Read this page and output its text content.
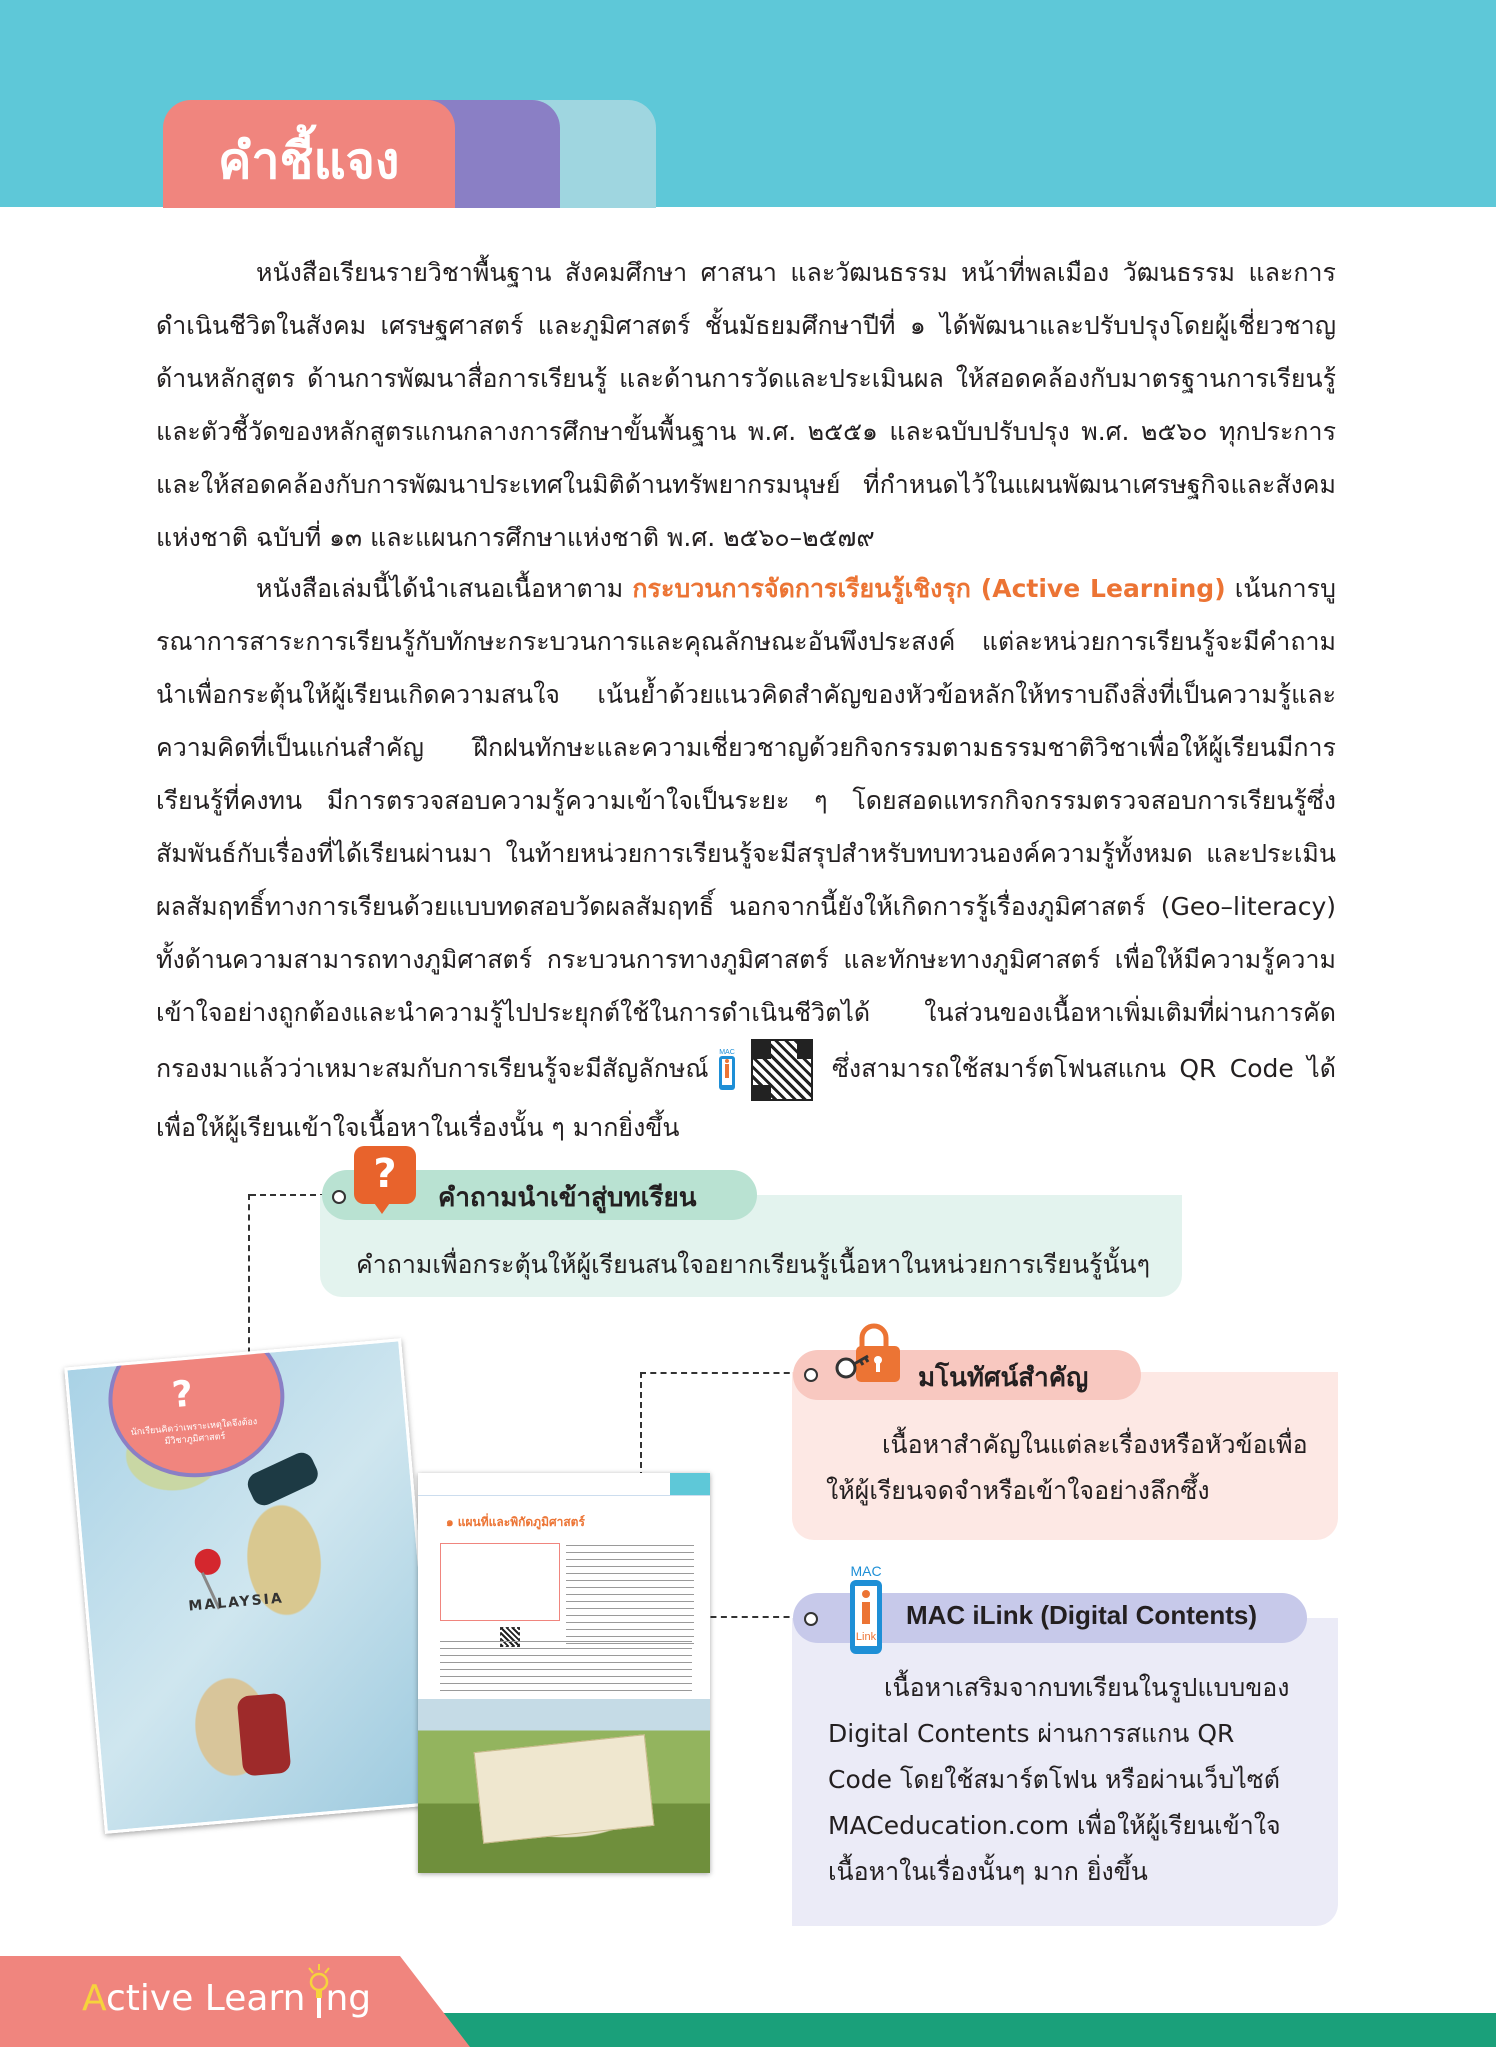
คำชี้แจง

หนังสือเรียนรายวิชาพื้นฐาน สังคมศึกษา ศาสนา และวัฒนธรรม หน้าที่พลเมือง วัฒนธรรม และการดำเนินชีวิตในสังคม เศรษฐศาสตร์ และภูมิศาสตร์ ชั้นมัธยมศึกษาปีที่ ๑ ได้พัฒนาและปรับปรุงโดยผู้เชี่ยวชาญด้านหลักสูตร ด้านการพัฒนาสื่อการเรียนรู้ และด้านการวัดและประเมินผล ให้สอดคล้องกับมาตรฐานการเรียนรู้และตัวชี้วัดของหลักสูตรแกนกลางการศึกษาขั้นพื้นฐาน พ.ศ. ๒๕๕๑ และฉบับปรับปรุง พ.ศ. ๒๕๖๐ ทุกประการ และให้สอดคล้องกับการพัฒนาประเทศในมิติด้านทรัพยากรมนุษย์ ที่กำหนดไว้ในแผนพัฒนาเศรษฐกิจและสังคมแห่งชาติ ฉบับที่ ๑๓ และแผนการศึกษาแห่งชาติ พ.ศ. ๒๕๖๐–๒๕๗๙

หนังสือเล่มนี้ได้นำเสนอเนื้อหาตาม กระบวนการจัดการเรียนรู้เชิงรุก (Active Learning) เน้นการบูรณาการสาระการเรียนรู้กับทักษะกระบวนการและคุณลักษณะอันพึงประสงค์ แต่ละหน่วยการเรียนรู้จะมีคำถามนำเพื่อกระตุ้นให้ผู้เรียนเกิดความสนใจ เน้นย้ำด้วยแนวคิดสำคัญของหัวข้อหลักให้ทราบถึงสิ่งที่เป็นความรู้และความคิดที่เป็นแก่นสำคัญ ฝึกฝนทักษะและความเชี่ยวชาญด้วยกิจกรรมตามธรรมชาติวิชาเพื่อให้ผู้เรียนมีการเรียนรู้ที่คงทน มีการตรวจสอบความรู้ความเข้าใจเป็นระยะ ๆ โดยสอดแทรกกิจกรรมตรวจสอบการเรียนรู้ซึ่งสัมพันธ์กับเรื่องที่ได้เรียนผ่านมา ในท้ายหน่วยการเรียนรู้จะมีสรุปสำหรับทบทวนองค์ความรู้ทั้งหมด และประเมินผลสัมฤทธิ์ทางการเรียนด้วยแบบทดสอบวัดผลสัมฤทธิ์ นอกจากนี้ยังให้เกิดการรู้เรื่องภูมิศาสตร์ (Geo–literacy) ทั้งด้านความสามารถทางภูมิศาสตร์ กระบวนการทางภูมิศาสตร์ และทักษะทางภูมิศาสตร์ เพื่อให้มีความรู้ความเข้าใจอย่างถูกต้องและนำความรู้ไปประยุกต์ใช้ในการดำเนินชีวิตได้ ในส่วนของเนื้อหาเพิ่มเติมที่ผ่านการคัดกรองมาแล้วว่าเหมาะสมกับการเรียนรู้จะมีสัญลักษณ์
MAC
ซึ่งสามารถใช้สมาร์ตโฟนสแกน QR Code ได้ เพื่อให้ผู้เรียนเข้าใจเนื้อหาในเรื่องนั้น ๆ มากยิ่งขึ้น

?
คำถามนำเข้าสู่บทเรียน
คำถามเพื่อกระตุ้นให้ผู้เรียนสนใจอยากเรียนรู้เนื้อหาในหน่วยการเรียนรู้นั้นๆ
มโนทัศน์สำคัญ
เนื้อหาสำคัญในแต่ละเรื่องหรือหัวข้อเพื่อให้ผู้เรียนจดจำหรือเข้าใจอย่างลึกซึ้ง
MAC
Link
MAC iLink (Digital Contents)
เนื้อหาเสริมจากบทเรียนในรูปแบบของ Digital Contents ผ่านการสแกน QR Code โดยใช้สมาร์ตโฟน หรือผ่านเว็บไซต์ MACeducation.com เพื่อให้ผู้เรียนเข้าใจเนื้อหาในเรื่องนั้นๆ มาก ยิ่งขึ้น
?
นักเรียนคิดว่าเพราะเหตุใดจึงต้องมีวิชาภูมิศาสตร์
MALAYSIA
๑ แผนที่และพิกัดภูมิศาสตร์
Active Learn ng
